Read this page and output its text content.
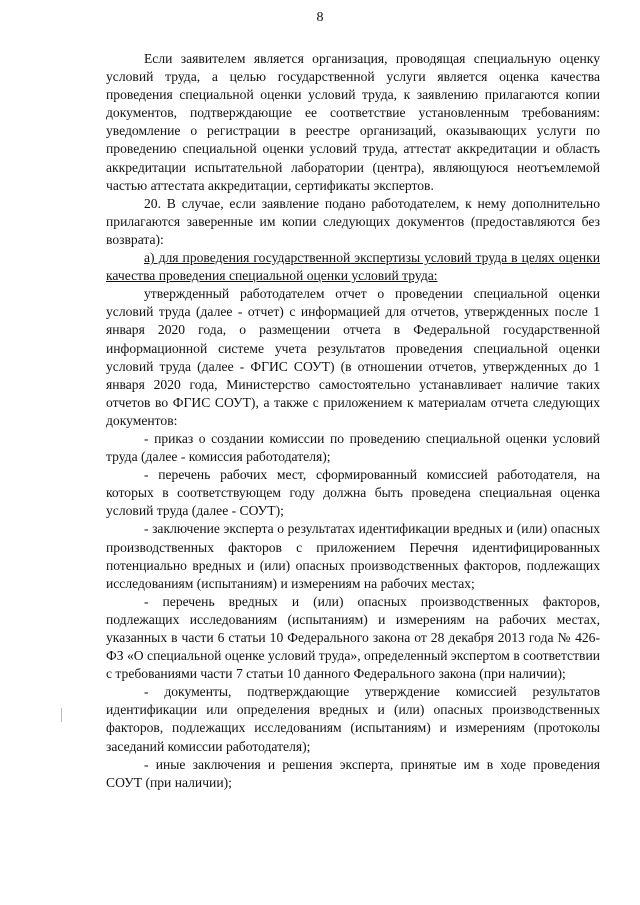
8

Если заявителем является организация, проводящая специальную оценку условий труда, а целью государственной услуги является оценка качества проведения специальной оценки условий труда, к заявлению прилагаются копии документов, подтверждающие ее соответствие установленным требованиям: уведомление о регистрации в реестре организаций, оказывающих услуги по проведению специальной оценки условий труда, аттестат аккредитации и область аккредитации испытательной лаборатории (центра), являющуюся неотъемлемой частью аттестата аккредитации, сертификаты экспертов.

20. В случае, если заявление подано работодателем, к нему дополнительно прилагаются заверенные им копии следующих документов (предоставляются без возврата):

а) для проведения государственной экспертизы условий труда в целях оценки качества проведения специальной оценки условий труда:

утвержденный работодателем отчет о проведении специальной оценки условий труда (далее - отчет) с информацией для отчетов, утвержденных после 1 января 2020 года, о размещении отчета в Федеральной государственной информационной системе учета результатов проведения специальной оценки условий труда (далее - ФГИС СОУТ) (в отношении отчетов, утвержденных до 1 января 2020 года, Министерство самостоятельно устанавливает наличие таких отчетов во ФГИС СОУТ), а также с приложением к материалам отчета следующих документов:

- приказ о создании комиссии по проведению специальной оценки условий труда (далее - комиссия работодателя);

- перечень рабочих мест, сформированный комиссией работодателя, на которых в соответствующем году должна быть проведена специальная оценка условий труда (далее - СОУТ);

- заключение эксперта о результатах идентификации вредных и (или) опасных производственных факторов с приложением Перечня идентифицированных потенциально вредных и (или) опасных производственных факторов, подлежащих исследованиям (испытаниям) и измерениям на рабочих местах;

- перечень вредных и (или) опасных производственных факторов, подлежащих исследованиям (испытаниям) и измерениям на рабочих местах, указанных в части 6 статьи 10 Федерального закона от 28 декабря 2013 года № 426-ФЗ «О специальной оценке условий труда», определенный экспертом в соответствии с требованиями части 7 статьи 10 данного Федерального закона (при наличии);

- документы, подтверждающие утверждение комиссией результатов идентификации или определения вредных и (или) опасных производственных факторов, подлежащих исследованиям (испытаниям) и измерениям (протоколы заседаний комиссии работодателя);

- иные заключения и решения эксперта, принятые им в ходе проведения СОУТ (при наличии);
